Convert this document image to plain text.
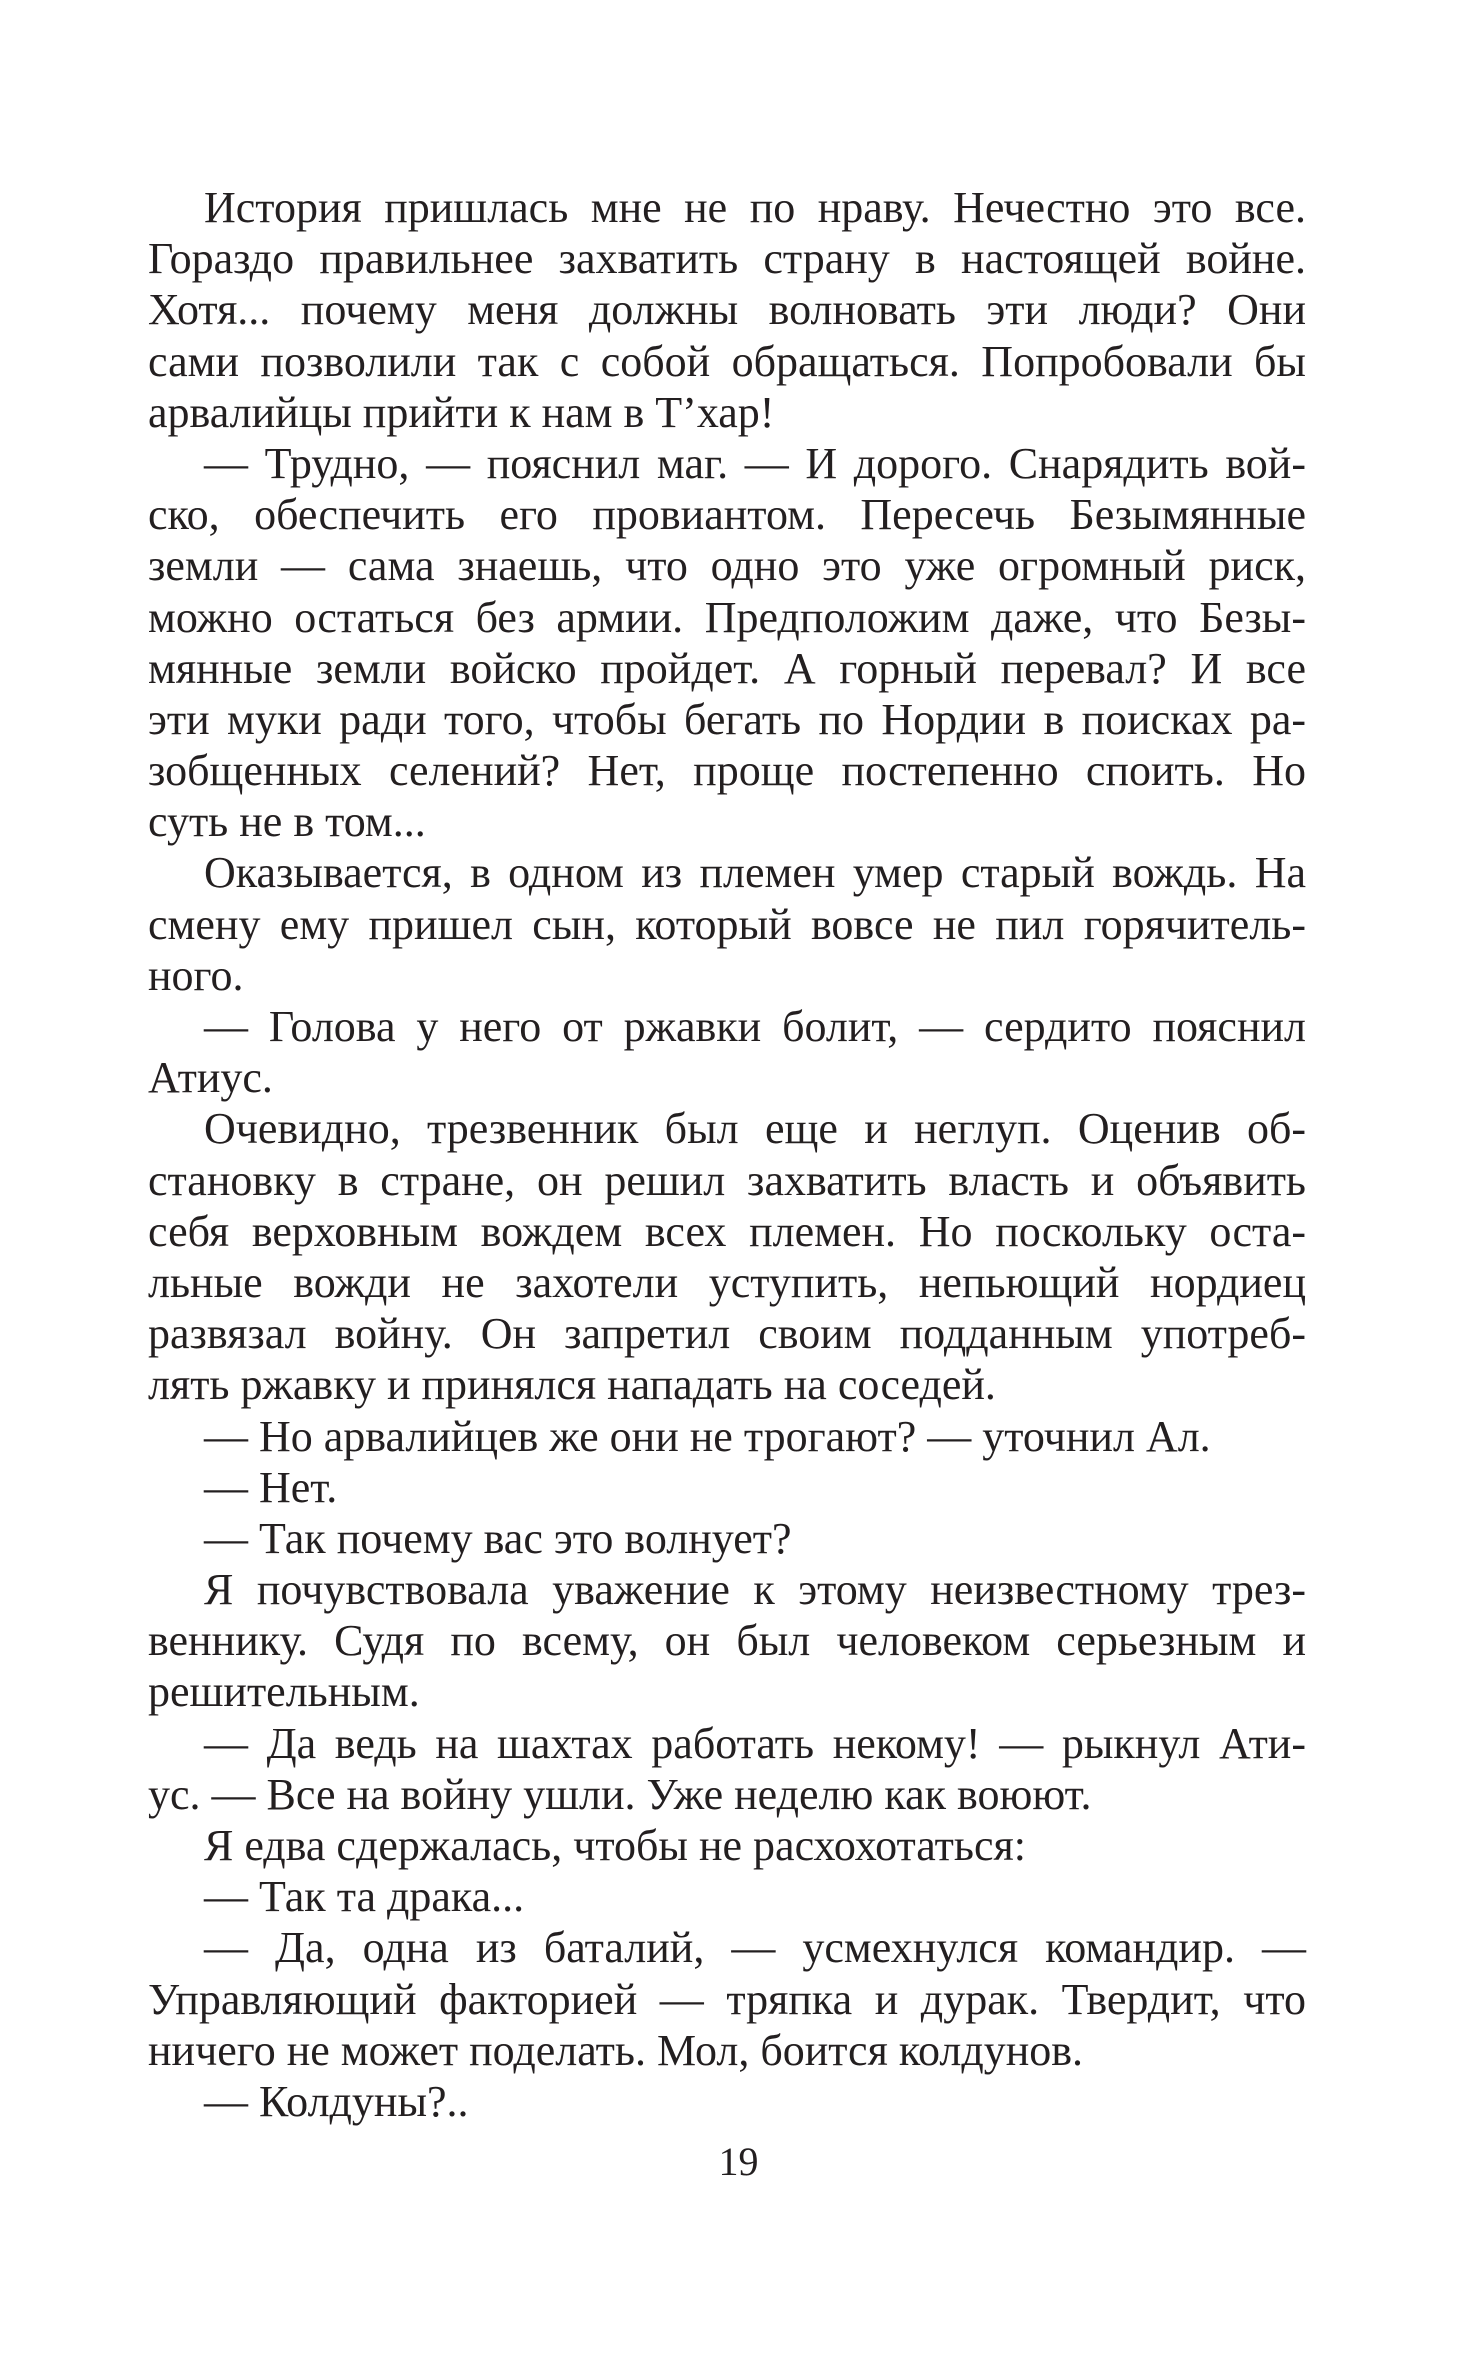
История пришлась мне не по нраву. Нечестно это все.
Гораздо правильнее захватить страну в настоящей войне.
Хотя... почему меня должны волновать эти люди? Они
сами позволили так с собой обращаться. Попробовали бы
арвалийцы прийти к нам в Т’хар!
— Трудно, — пояснил маг. — И дорого. Снарядить вой-
ско, обеспечить его провиантом. Пересечь Безымянные
земли — сама знаешь, что одно это уже огромный риск,
можно остаться без армии. Предположим даже, что Безы-
мянные земли войско пройдет. А горный перевал? И все
эти муки ради того, чтобы бегать по Нордии в поисках ра-
зобщенных селений? Нет, проще постепенно споить. Но
суть не в том...
Оказывается, в одном из племен умер старый вождь. На
смену ему пришел сын, который вовсе не пил горячитель-
ного.
— Голова у него от ржавки болит, — сердито пояснил
Атиус.
Очевидно, трезвенник был еще и неглуп. Оценив об-
становку в стране, он решил захватить власть и объявить
себя верховным вождем всех племен. Но поскольку оста-
льные вожди не захотели уступить, непьющий нордиец
развязал войну. Он запретил своим подданным употреб-
лять ржавку и принялся нападать на соседей.
— Но арвалийцев же они не трогают? — уточнил Ал.
— Нет.
— Так почему вас это волнует?
Я почувствовала уважение к этому неизвестному трез-
веннику. Судя по всему, он был человеком серьезным и
решительным.
— Да ведь на шахтах работать некому! — рыкнул Ати-
ус. — Все на войну ушли. Уже неделю как воюют.
Я едва сдержалась, чтобы не расхохотаться:
— Так та драка...
— Да, одна из баталий, — усмехнулся командир. —
Управляющий факторией — тряпка и дурак. Твердит, что
ничего не может поделать. Мол, боится колдунов.
— Колдуны?..
19
